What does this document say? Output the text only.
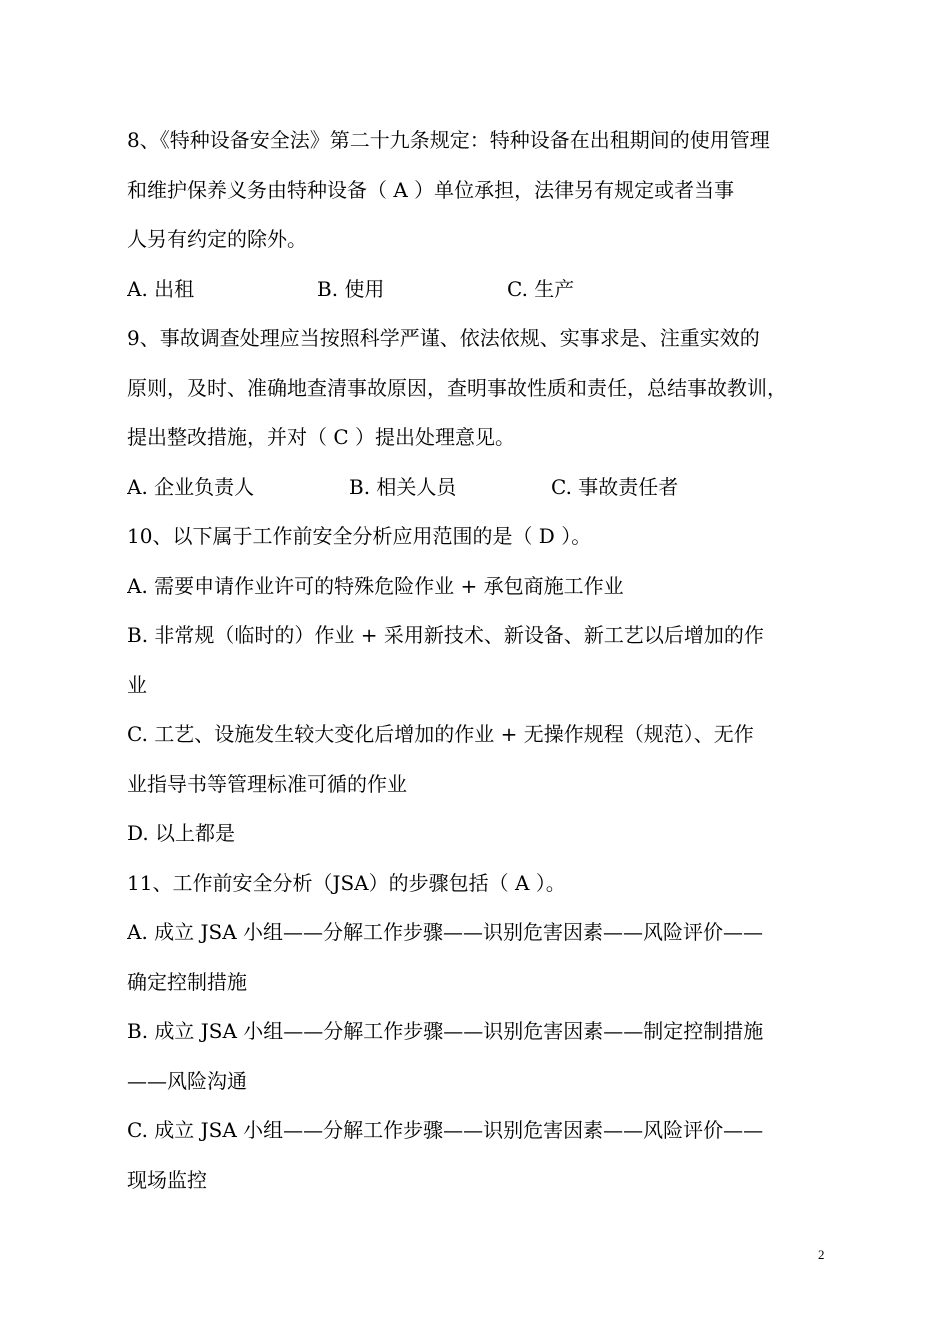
8、《特种设备安全法》第二十九条规定：特种设备在出租期间的使用管理
和维护保养义务由特种设备（ A ）单位承担，法律另有规定或者当事
人另有约定的除外。
A. 出租	B. 使用	C. 生产
9、事故调查处理应当按照科学严谨、依法依规、实事求是、注重实效的
原则，及时、准确地查清事故原因，查明事故性质和责任，总结事故教训，
提出整改措施，并对（ C ）提出处理意见。
A. 企业负责人	B. 相关人员	C. 事故责任者
10、以下属于工作前安全分析应用范围的是（ D ）。
A. 需要申请作业许可的特殊危险作业 + 承包商施工作业
B. 非常规（临时的）作业 + 采用新技术、新设备、新工艺以后增加的作
业
C. 工艺、设施发生较大变化后增加的作业 + 无操作规程（规范）、无作
业指导书等管理标准可循的作业
D. 以上都是
11、工作前安全分析（JSA）的步骤包括（ A ）。
A. 成立 JSA 小组——分解工作步骤——识别危害因素——风险评价——
确定控制措施
B. 成立 JSA 小组——分解工作步骤——识别危害因素——制定控制措施
——风险沟通
C. 成立 JSA 小组——分解工作步骤——识别危害因素——风险评价——
现场监控
2
